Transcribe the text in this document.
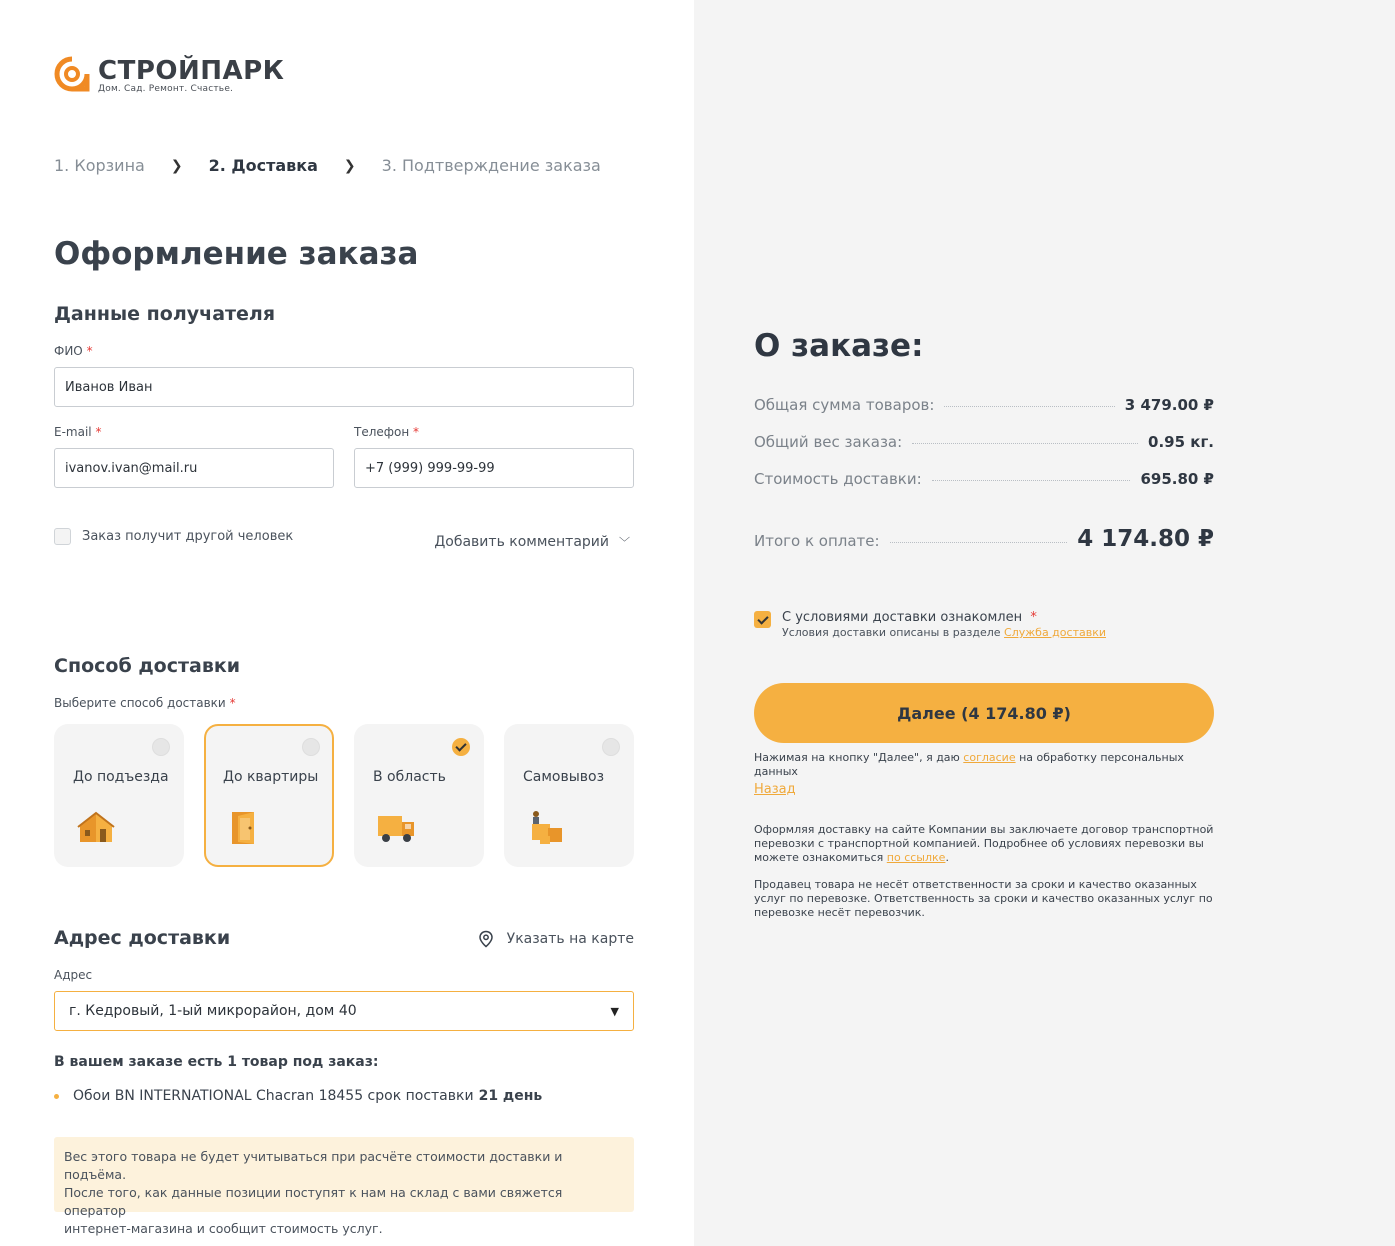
СТРОЙПАРК
Дом. Сад. Ремонт. Счастье.
1. Корзина ❯ 2. Доставка ❯ 3. Подтверждение заказа
Оформление заказа
Данные получателя
ФИО *
Иванов Иван
E-mail *
ivanov.ivan@mail.ru
Телефон *
+7 (999) 999-99-99
Заказ получит другой человек	Добавить комментарий ﹀
Способ доставки
Выберите способ доставки *
До подъезда	До квартиры	В область	Самовывоз
Адрес доставки	Указать на карте
Адрес
г. Кедровый, 1-ый микрорайон, дом 40	▼
В вашем заказе есть 1 товар под заказ:
Обои BN INTERNATIONAL Chacran 18455 срок поставки 21 день
Вес этого товара не будет учитываться при расчёте стоимости доставки и подъёма.
После того, как данные позиции поступят к нам на склад с вами свяжется оператор
интернет-магазина и сообщит стоимость услуг.
О заказе:
Общая сумма товаров:	3 479.00 ₽
Общий вес заказа:	0.95 кг.
Стоимость доставки:	695.80 ₽
Итого к оплате:	4 174.80 ₽
С условиями доставки ознакомлен *
Условия доставки описаны в разделе Служба доставки
Далее (4 174.80 ₽)
Нажимая на кнопку "Далее", я даю согласие на обработку персональных данных
Назад
Оформляя доставку на сайте Компании вы заключаете договор транспортной перевозки с транспортной компанией. Подробнее об условиях перевозки вы можете ознакомиться по ссылке.
Продавец товара не несёт ответственности за сроки и качество оказанных услуг по перевозке. Ответственность за сроки и качество оказанных услуг по перевозке несёт перевозчик.
